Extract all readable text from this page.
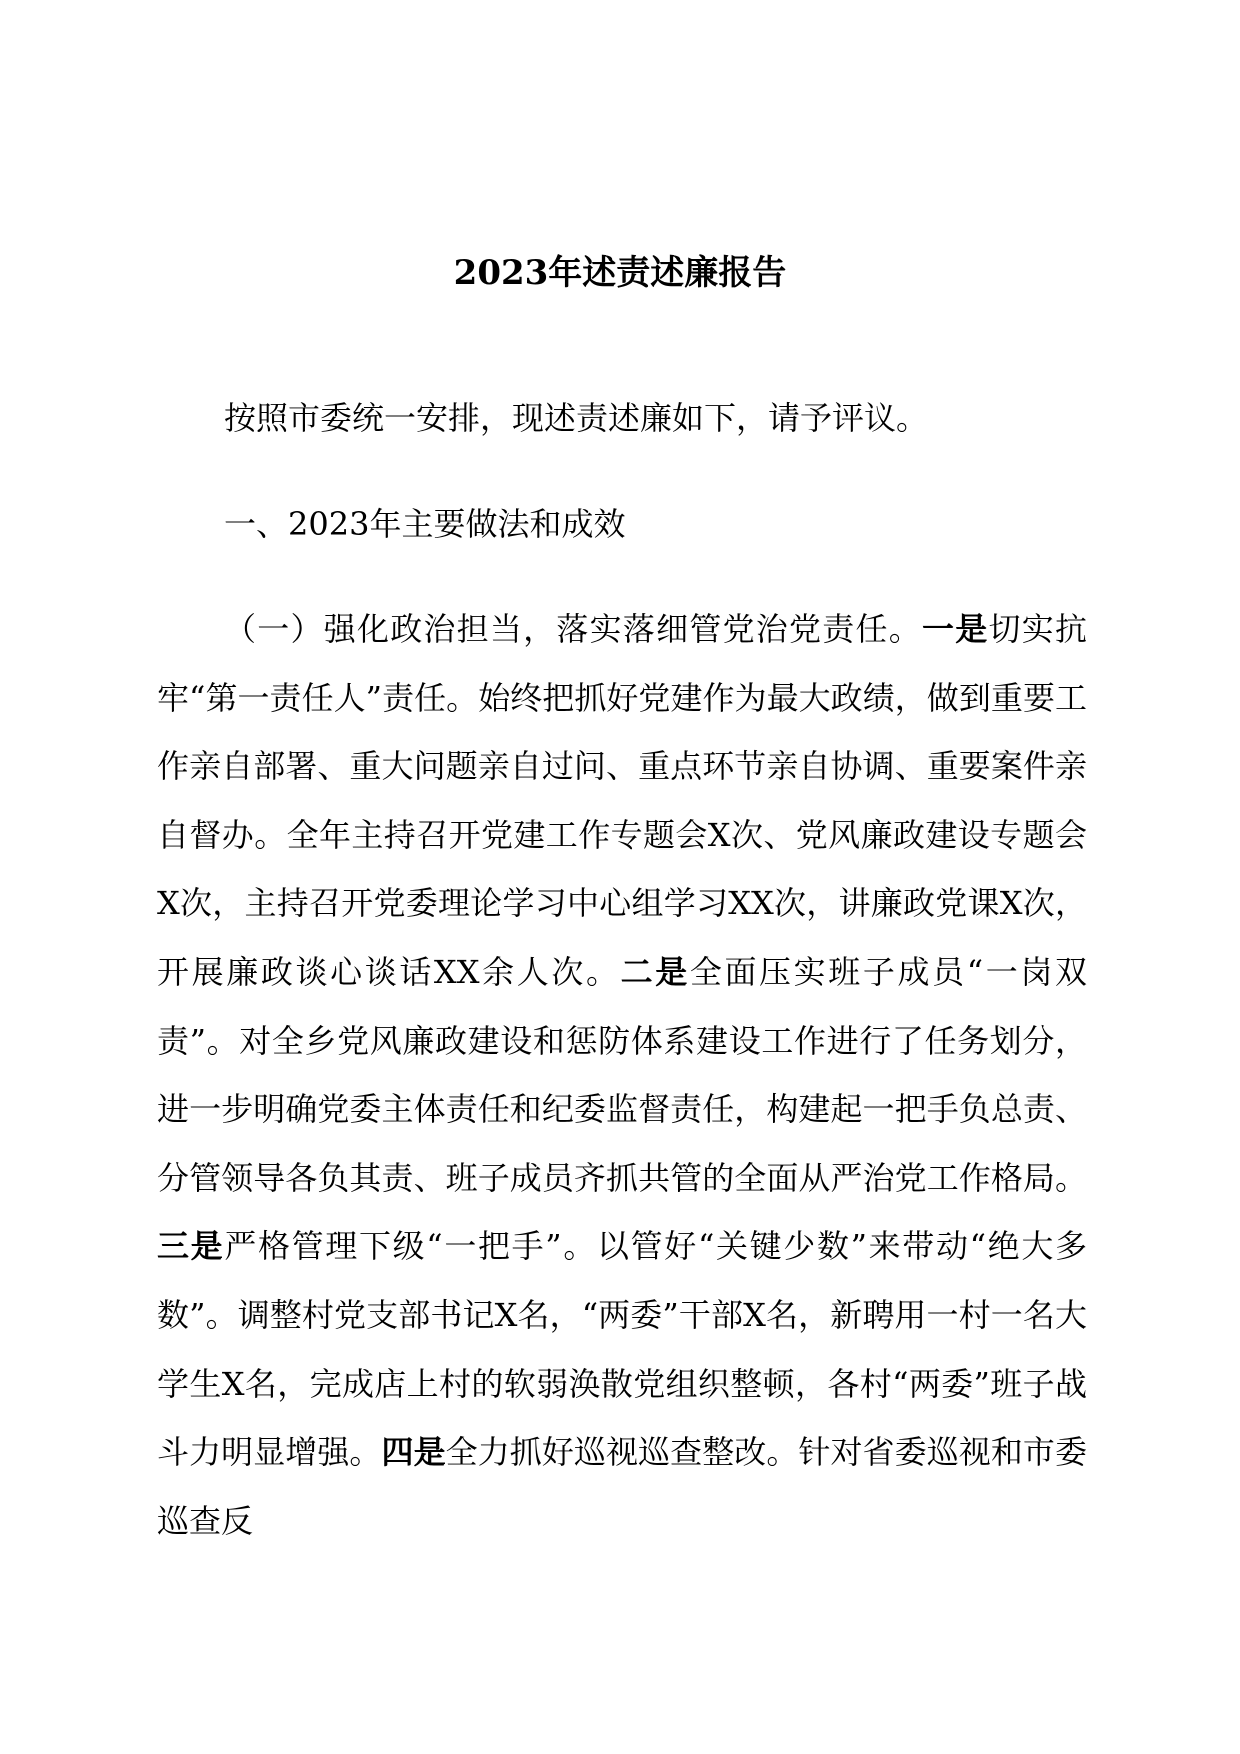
2023年述责述廉报告

按照市委统一安排，现述责述廉如下，请予评议。

一、2023年主要做法和成效

（一）强化政治担当，落实落细管党治党责任。一是切实抗牢“第一责任人”责任。始终把抓好党建作为最大政绩，做到重要工作亲自部署、重大问题亲自过问、重点环节亲自协调、重要案件亲自督办。全年主持召开党建工作专题会X次、党风廉政建设专题会X次，主持召开党委理论学习中心组学习XX次，讲廉政党课X次，开展廉政谈心谈话XX余人次。二是全面压实班子成员“一岗双责”。对全乡党风廉政建设和惩防体系建设工作进行了任务划分，进一步明确党委主体责任和纪委监督责任，构建起一把手负总责、分管领导各负其责、班子成员齐抓共管的全面从严治党工作格局。三是严格管理下级“一把手”。以管好“关键少数”来带动“绝大多数”。调整村党支部书记X名，“两委”干部X名，新聘用一村一名大学生X名，完成店上村的软弱涣散党组织整顿，各村“两委”班子战斗力明显增强。四是全力抓好巡视巡查整改。针对省委巡视和市委巡查反
